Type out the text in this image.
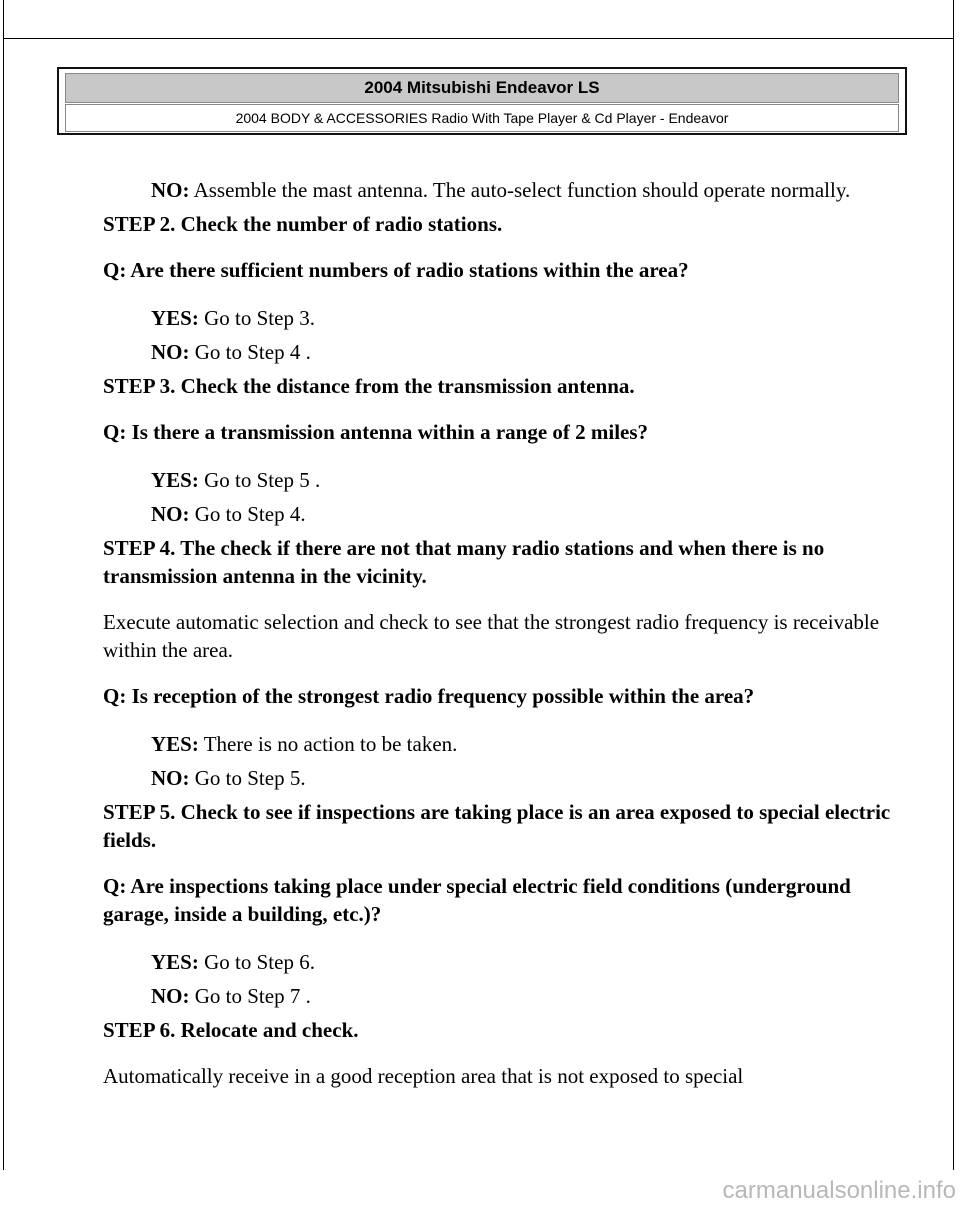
2004 Mitsubishi Endeavor LS
2004 BODY & ACCESSORIES Radio With Tape Player & Cd Player - Endeavor

NO: Assemble the mast antenna. The auto-select function should operate normally.

STEP 2. Check the number of radio stations.

Q: Are there sufficient numbers of radio stations within the area?

YES: Go to Step 3.

NO: Go to Step 4 .

STEP 3. Check the distance from the transmission antenna.

Q: Is there a transmission antenna within a range of 2 miles?

YES: Go to Step 5 .

NO: Go to Step 4.

STEP 4. The check if there are not that many radio stations and when there is no transmission antenna in the vicinity.

Execute automatic selection and check to see that the strongest radio frequency is receivable within the area.

Q: Is reception of the strongest radio frequency possible within the area?

YES: There is no action to be taken.

NO: Go to Step 5.

STEP 5. Check to see if inspections are taking place is an area exposed to special electric fields.

Q: Are inspections taking place under special electric field conditions (underground garage, inside a building, etc.)?

YES: Go to Step 6.

NO: Go to Step 7 .

STEP 6. Relocate and check.

Automatically receive in a good reception area that is not exposed to special

carmanualsonline.info
